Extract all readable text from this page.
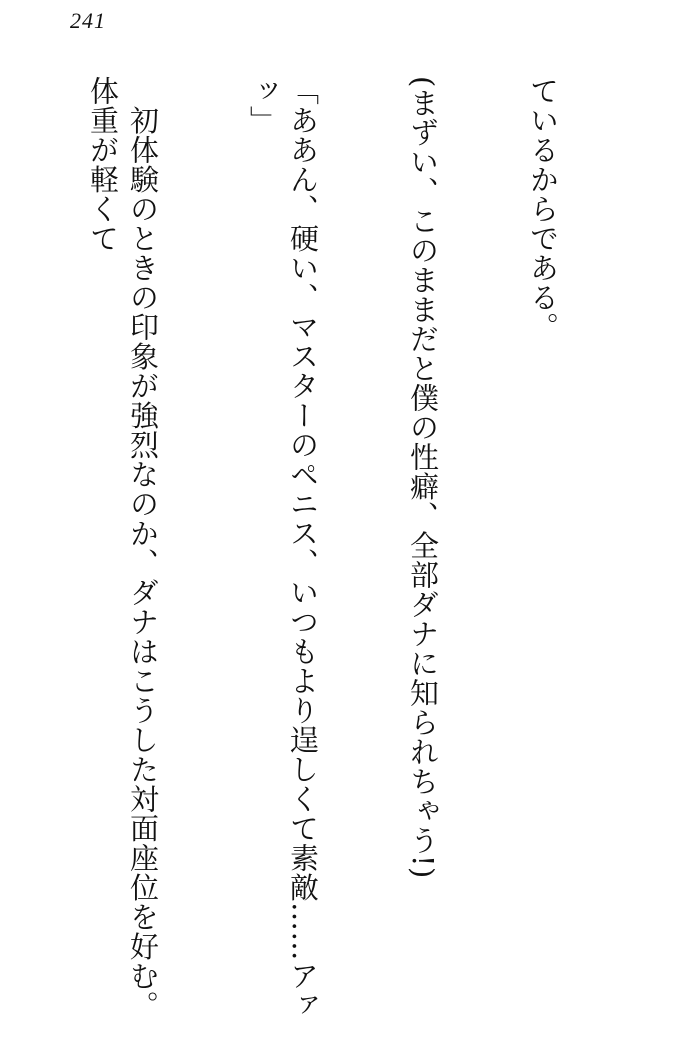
241

ているからである。

(まずい、このままだと僕の性癖、全部ダナに知られちゃう!)

「ああん、硬い、マスターのペニス、いつもより逞しくて素敵……アァッ」

　初体験のときの印象が強烈なのか、ダナはこうした対面座位を好む。体重が軽くて
